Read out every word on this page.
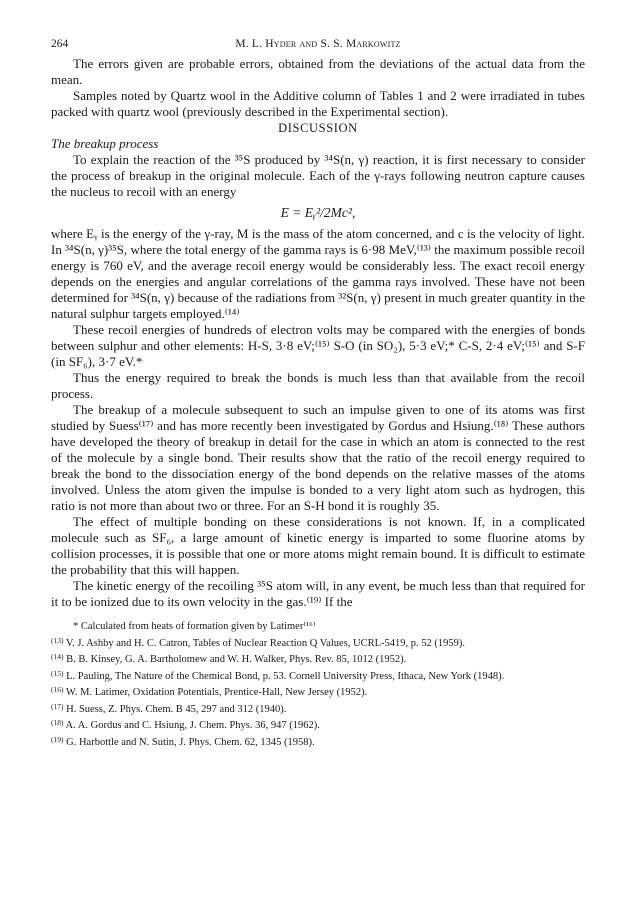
264	M. L. Hyder and S. S. Markowitz

The errors given are probable errors, obtained from the deviations of the actual data from the mean.

Samples noted by Quartz wool in the Additive column of Tables 1 and 2 were irradiated in tubes packed with quartz wool (previously described in the Experimental section).

DISCUSSION

The breakup process

To explain the reaction of the ³⁵S produced by ³⁴S(n, γ) reaction, it is first necessary to consider the process of breakup in the original molecule. Each of the γ-rays following neutron capture causes the nucleus to recoil with an energy

E = Eᵧ²/2Mc²,

where Eᵧ is the energy of the γ-ray, M is the mass of the atom concerned, and c is the velocity of light. In ³⁴S(n, γ)³⁵S, where the total energy of the gamma rays is 6·98 MeV,⁽¹³⁾ the maximum possible recoil energy is 760 eV, and the average recoil energy would be considerably less. The exact recoil energy depends on the energies and angular correlations of the gamma rays involved. These have not been determined for ³⁴S(n, γ) because of the radiations from ³²S(n, γ) present in much greater quantity in the natural sulphur targets employed.⁽¹⁴⁾

These recoil energies of hundreds of electron volts may be compared with the energies of bonds between sulphur and other elements: H-S, 3·8 eV;⁽¹⁵⁾ S-O (in SO₂), 5·3 eV;* C-S, 2·4 eV;⁽¹⁵⁾ and S-F (in SF₆), 3·7 eV.*

Thus the energy required to break the bonds is much less than that available from the recoil process.

The breakup of a molecule subsequent to such an impulse given to one of its atoms was first studied by Suess⁽¹⁷⁾ and has more recently been investigated by Gordus and Hsiung.⁽¹⁸⁾ These authors have developed the theory of breakup in detail for the case in which an atom is connected to the rest of the molecule by a single bond. Their results show that the ratio of the recoil energy required to break the bond to the dissociation energy of the bond depends on the relative masses of the atoms involved. Unless the atom given the impulse is bonded to a very light atom such as hydrogen, this ratio is not more than about two or three. For an S-H bond it is roughly 35.

The effect of multiple bonding on these considerations is not known. If, in a complicated molecule such as SF₆, a large amount of kinetic energy is imparted to some fluorine atoms by collision processes, it is possible that one or more atoms might remain bound. It is difficult to estimate the probability that this will happen.

The kinetic energy of the recoiling ³⁵S atom will, in any event, be much less than that required for it to be ionized due to its own velocity in the gas.⁽¹⁹⁾ If the

* Calculated from heats of formation given by Latimer⁽¹⁶⁾

$^{(13)}$ V. J. Ashby and H. C. Catron, Tables of Nuclear Reaction Q Values, UCRL-5419, p. 52 (1959).

$^{(14)}$ B. B. Kinsey, G. A. Bartholomew and W. H. Walker, Phys. Rev. 85, 1012 (1952).

$^{(15)}$ L. Pauling, The Nature of the Chemical Bond, p. 53. Cornell University Press, Ithaca, New York (1948).

$^{(16)}$ W. M. Latimer, Oxidation Potentials, Prentice-Hall, New Jersey (1952).

$^{(17)}$ H. Suess, Z. Phys. Chem. B 45, 297 and 312 (1940).

$^{(18)}$ A. A. Gordus and C. Hsiung, J. Chem. Phys. 36, 947 (1962).

$^{(19)}$ G. Harbottle and N. Sutin, J. Phys. Chem. 62, 1345 (1958).
